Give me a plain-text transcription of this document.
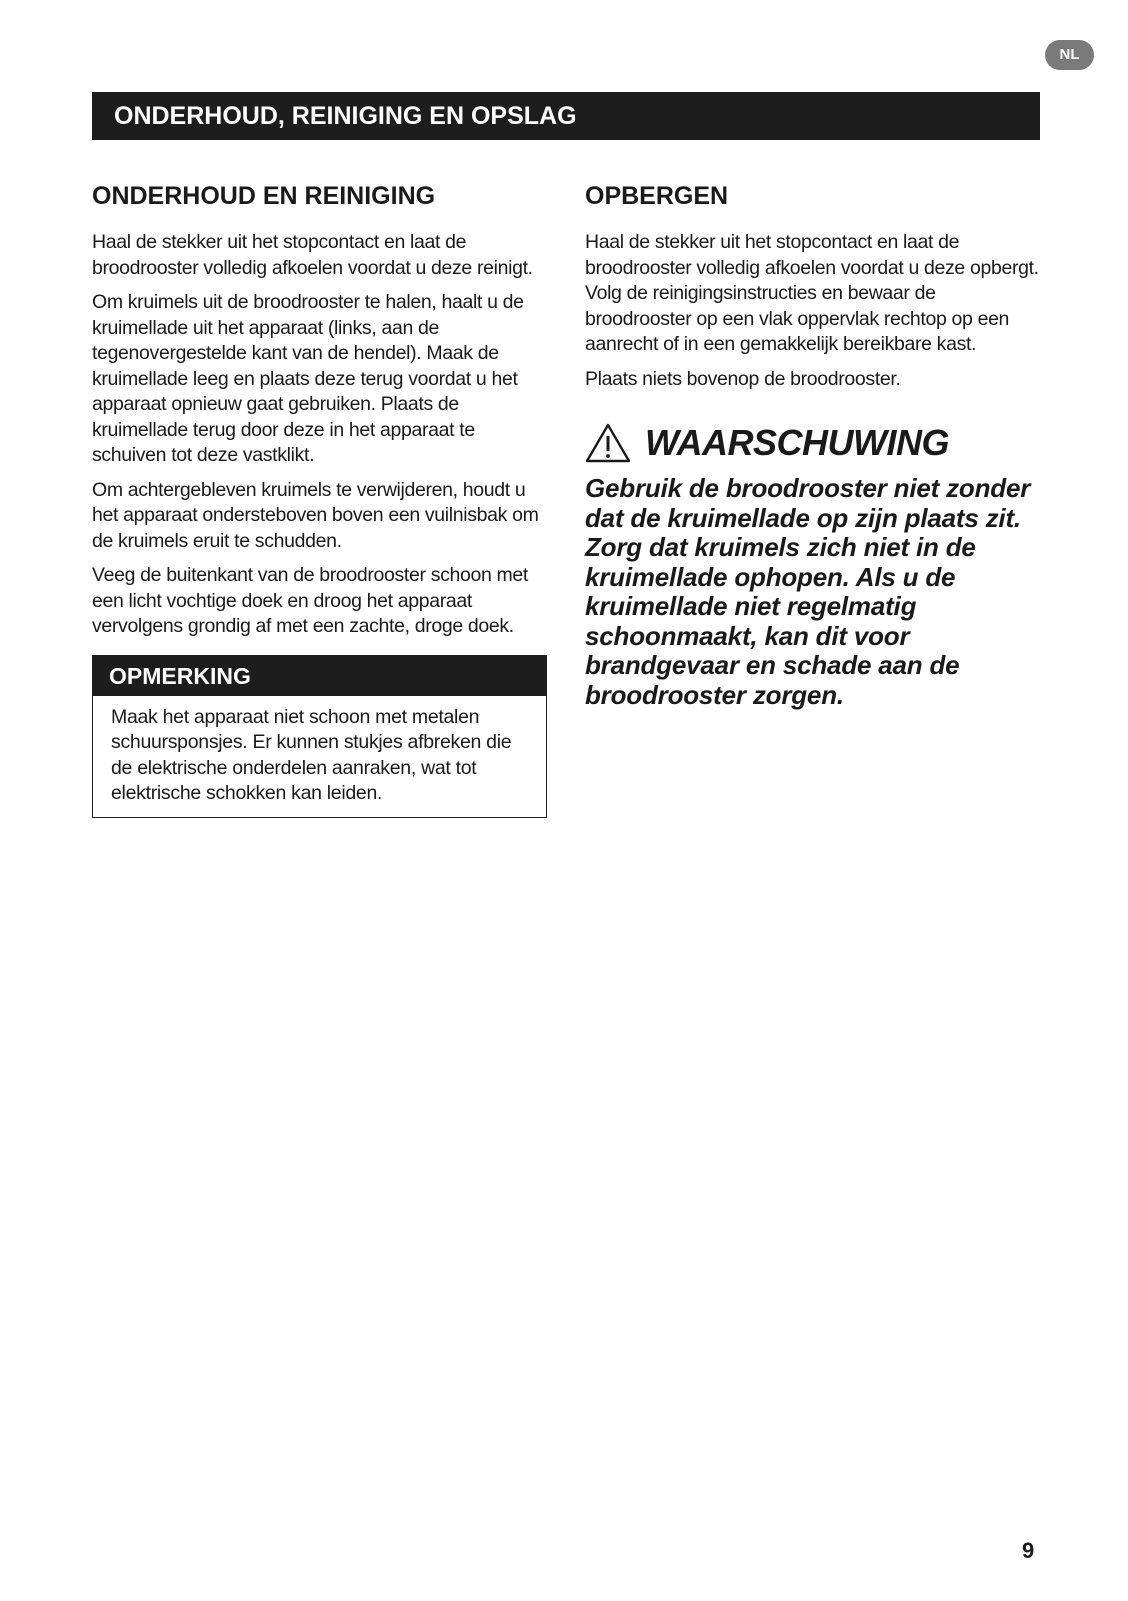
NL
ONDERHOUD, REINIGING EN OPSLAG
ONDERHOUD EN REINIGING

Haal de stekker uit het stopcontact en laat de broodrooster volledig afkoelen voordat u deze reinigt.

Om kruimels uit de broodrooster te halen, haalt u de kruimellade uit het apparaat (links, aan de tegenovergestelde kant van de hendel). Maak de kruimellade leeg en plaats deze terug voordat u het apparaat opnieuw gaat gebruiken. Plaats de kruimellade terug door deze in het apparaat te schuiven tot deze vastklikt.

Om achtergebleven kruimels te verwijderen, houdt u het apparaat ondersteboven boven een vuilnisbak om de kruimels eruit te schudden.

Veeg de buitenkant van de broodrooster schoon met een licht vochtige doek en droog het apparaat vervolgens grondig af met een zachte, droge doek.

OPMERKING
Maak het apparaat niet schoon met metalen schuursponsjes. Er kunnen stukjes afbreken die de elektrische onderdelen aanraken, wat tot elektrische schokken kan leiden.
OPBERGEN

Haal de stekker uit het stopcontact en laat de broodrooster volledig afkoelen voordat u deze opbergt. Volg de reinigingsinstructies en bewaar de broodrooster op een vlak oppervlak rechtop op een aanrecht of in een gemakkelijk bereikbare kast.

Plaats niets bovenop de broodrooster.

WAARSCHUWING

Gebruik de broodrooster niet zonder dat de kruimellade op zijn plaats zit. Zorg dat kruimels zich niet in de kruimellade ophopen. Als u de kruimellade niet regelmatig schoonmaakt, kan dit voor brandgevaar en schade aan de broodrooster zorgen.

9
